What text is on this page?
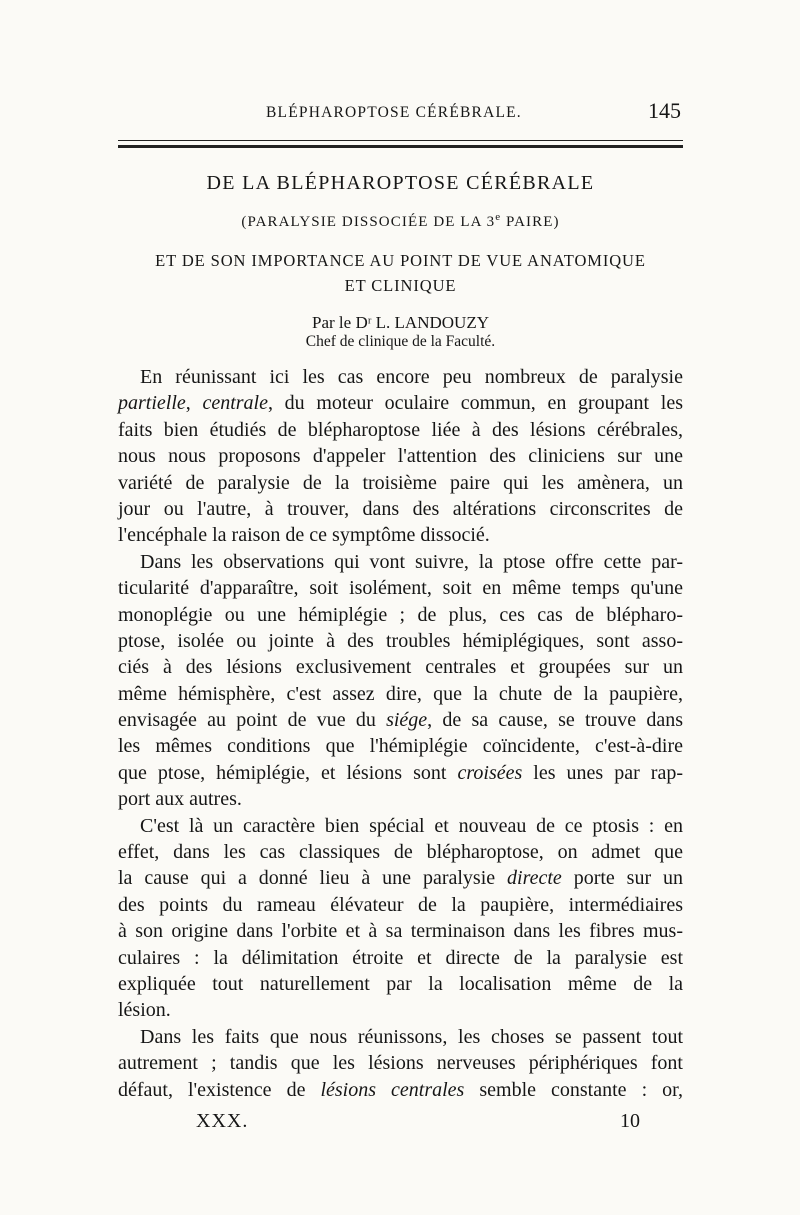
BLÉPHAROPTOSE CÉRÉBRALE.	145
DE LA BLÉPHAROPTOSE CÉRÉBRALE
(PARALYSIE DISSOCIÉE DE LA 3e PAIRE)
ET DE SON IMPORTANCE AU POINT DE VUE ANATOMIQUE
ET CLINIQUE
Par le Dʳ L. LANDOUZY
Chef de clinique de la Faculté.
En réunissant ici les cas encore peu nombreux de paralysie
partielle, centrale, du moteur oculaire commun, en groupant les
faits bien étudiés de blépharoptose liée à des lésions cérébrales,
nous nous proposons d'appeler l'attention des cliniciens sur une
variété de paralysie de la troisième paire qui les amènera, un
jour ou l'autre, à trouver, dans des altérations circonscrites de
l'encéphale la raison de ce symptôme dissocié.
Dans les observations qui vont suivre, la ptose offre cette par-
ticularité d'apparaître, soit isolément, soit en même temps qu'une
monoplégie ou une hémiplégie ; de plus, ces cas de blépharo-
ptose, isolée ou jointe à des troubles hémiplégiques, sont asso-
ciés à des lésions exclusivement centrales et groupées sur un
même hémisphère, c'est assez dire, que la chute de la paupière,
envisagée au point de vue du siége, de sa cause, se trouve dans
les mêmes conditions que l'hémiplégie coïncidente, c'est-à-dire
que ptose, hémiplégie, et lésions sont croisées les unes par rap-
port aux autres.
C'est là un caractère bien spécial et nouveau de ce ptosis : en
effet, dans les cas classiques de blépharoptose, on admet que
la cause qui a donné lieu à une paralysie directe porte sur un
des points du rameau élévateur de la paupière, intermédiaires
à son origine dans l'orbite et à sa terminaison dans les fibres mus-
culaires : la délimitation étroite et directe de la paralysie est
expliquée tout naturellement par la localisation même de la
lésion.
Dans les faits que nous réunissons, les choses se passent tout
autrement ; tandis que les lésions nerveuses périphériques font
défaut, l'existence de lésions centrales semble constante : or,
XXX.	10
